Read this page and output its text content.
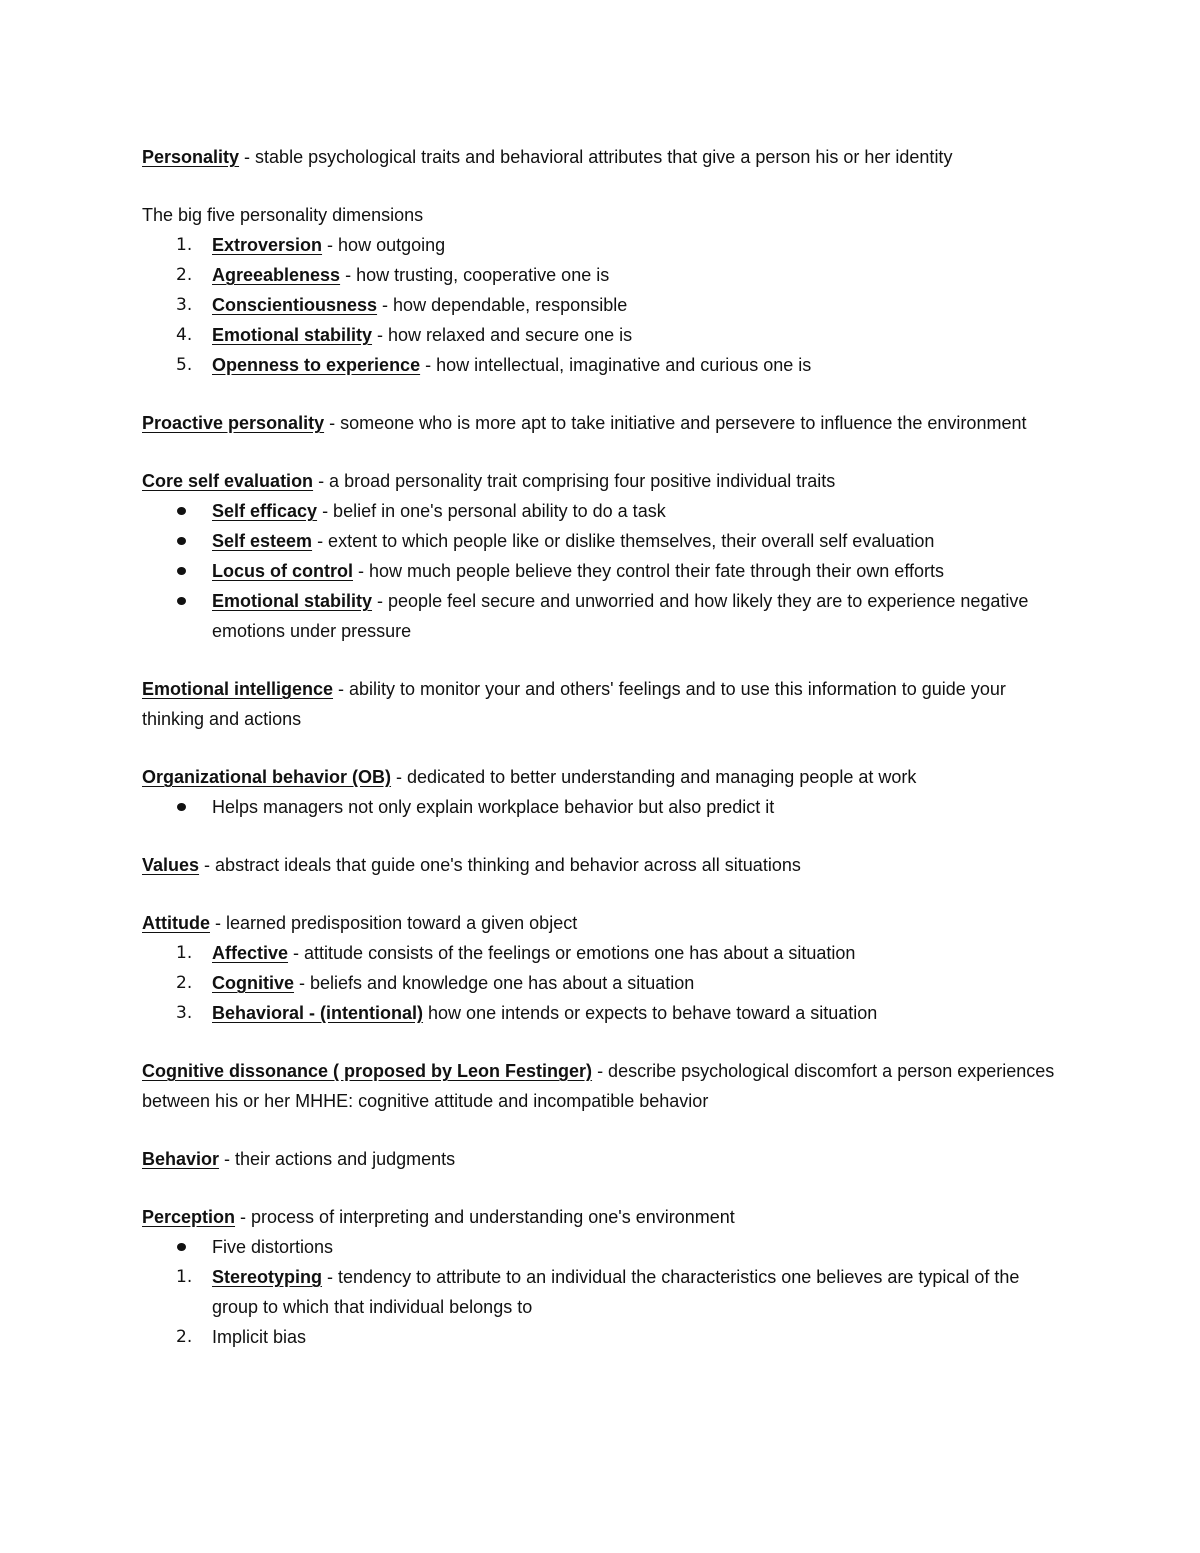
Personality - stable psychological traits and behavioral attributes that give a person his or her identity

The big five personality dimensions

1.	Extroversion - how outgoing
2.	Agreeableness - how trusting, cooperative one is
3.	Conscientiousness - how dependable, responsible
4.	Emotional stability - how relaxed and secure one is
5.	Openness to experience - how intellectual, imaginative and curious one is

Proactive personality - someone who is more apt to take initiative and persevere to influence the environment

Core self evaluation - a broad personality trait comprising four positive individual traits

Self efficacy - belief in one's personal ability to do a task
Self esteem - extent to which people like or dislike themselves, their overall self evaluation
Locus of control - how much people believe they control their fate through their own efforts
Emotional stability - people feel secure and unworried and how likely they are to experience negative emotions under pressure

Emotional intelligence - ability to monitor your and others' feelings and to use this information to guide your thinking and actions

Organizational behavior (OB) - dedicated to better understanding and managing people at work

Helps managers not only explain workplace behavior but also predict it

Values - abstract ideals that guide one's thinking and behavior across all situations

Attitude - learned predisposition toward a given object

1.	Affective - attitude consists of the feelings or emotions one has about a situation
2.	Cognitive - beliefs and knowledge one has about a situation
3.	Behavioral - (intentional) how one intends or expects to behave toward a situation

Cognitive dissonance ( proposed by Leon Festinger) - describe psychological discomfort a person experiences between his or her MHHE: cognitive attitude and incompatible behavior

Behavior - their actions and judgments

Perception - process of interpreting and understanding one's environment

Five distortions
1.	Stereotyping - tendency to attribute to an individual the characteristics one believes are typical of the group to which that individual belongs to
2.	Implicit bias
